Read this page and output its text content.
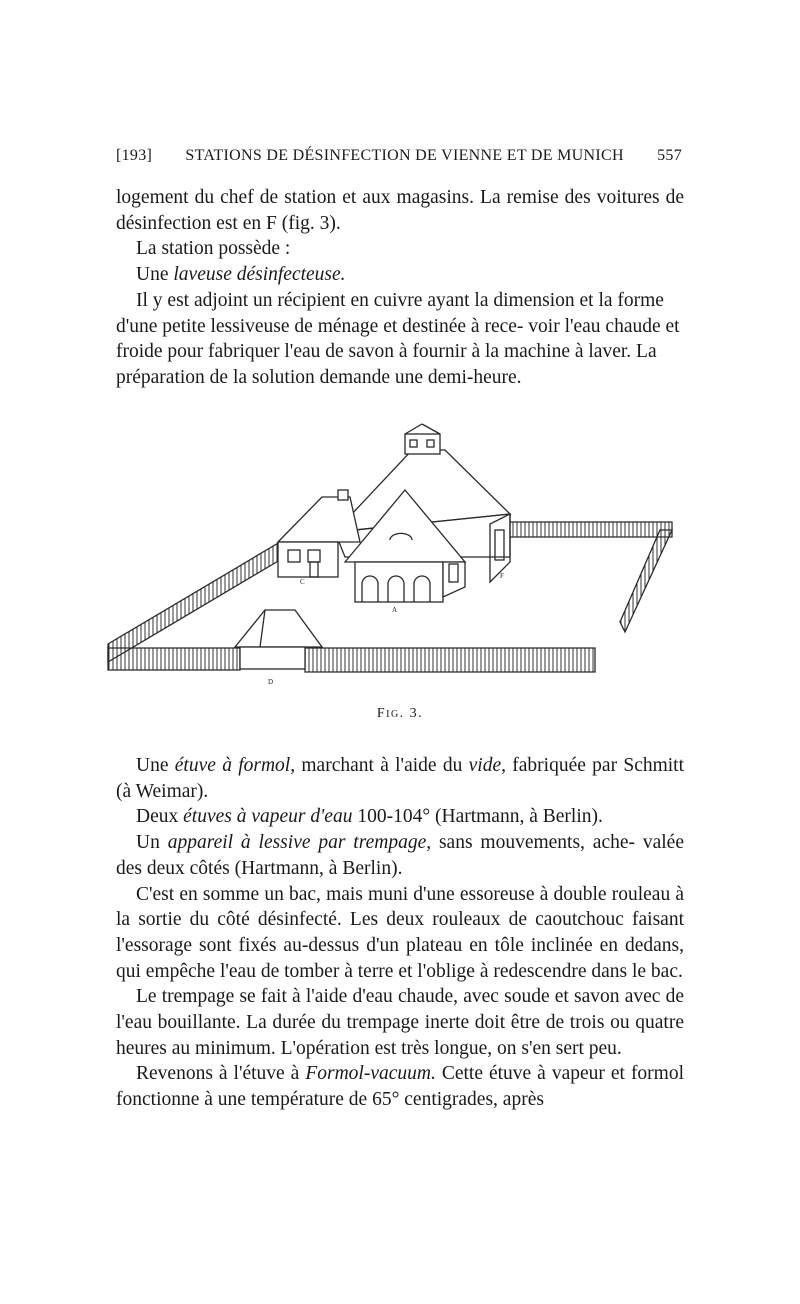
[193] STATIONS DE DÉSINFECTION DE VIENNE ET DE MUNICH 557

logement du chef de station et aux magasins. La remise des voitures de désinfection est en F (fig. 3).

La station possède :

Une laveuse désinfecteuse.

Il y est adjoint un récipient en cuivre ayant la dimension et la forme d'une petite lessiveuse de ménage et destinée à rece- voir l'eau chaude et froide pour fabriquer l'eau de savon à fournir à la machine à laver. La préparation de la solution demande une demi-heure.

A
C
D
F
Fig. 3.

Une étuve à formol, marchant à l'aide du vide, fabriquée par Schmitt (à Weimar).

Deux étuves à vapeur d'eau 100-104° (Hartmann, à Berlin).

Un appareil à lessive par trempage, sans mouvements, ache- valée des deux côtés (Hartmann, à Berlin).

C'est en somme un bac, mais muni d'une essoreuse à double rouleau à la sortie du côté désinfecté. Les deux rouleaux de caoutchouc faisant l'essorage sont fixés au-dessus d'un plateau en tôle inclinée en dedans, qui empêche l'eau de tomber à terre et l'oblige à redescendre dans le bac.

Le trempage se fait à l'aide d'eau chaude, avec soude et savon avec de l'eau bouillante. La durée du trempage inerte doit être de trois ou quatre heures au minimum. L'opération est très longue, on s'en sert peu.

Revenons à l'étuve à Formol-vacuum. Cette étuve à vapeur et formol fonctionne à une température de 65° centigrades, après
